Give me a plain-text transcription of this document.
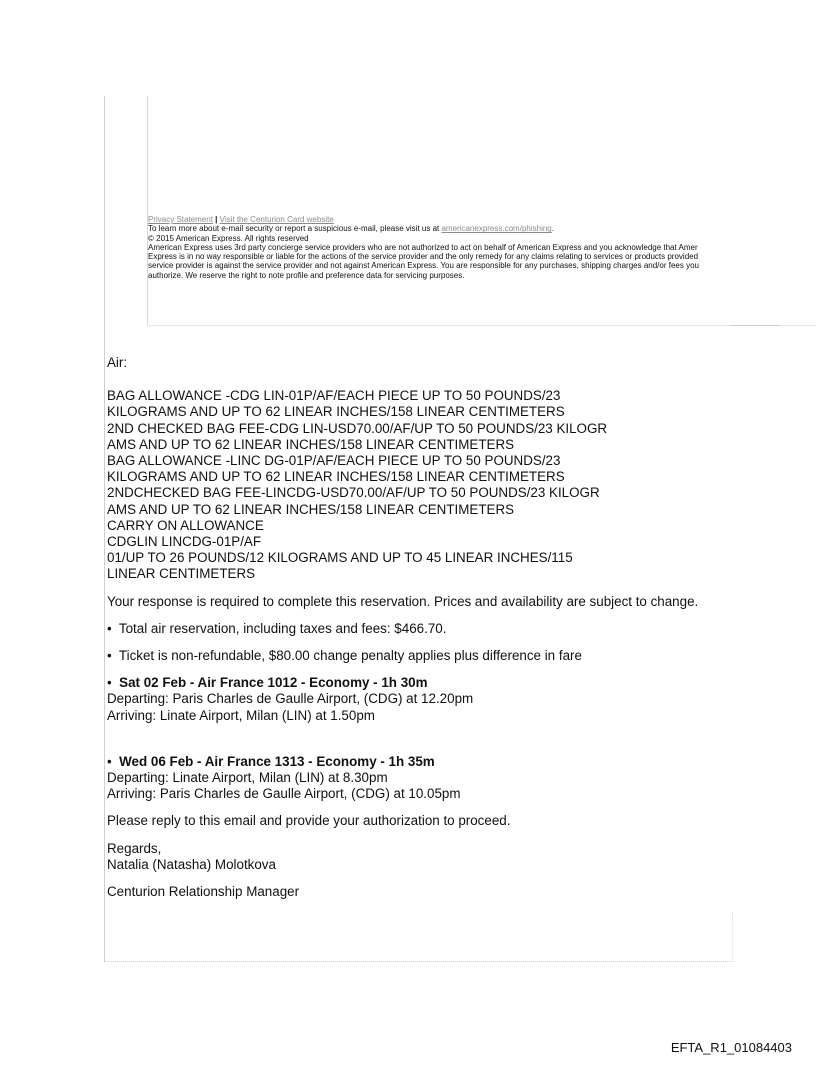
Privacy Statement | Visit the Centurion Card website
To learn more about e-mail security or report a suspicious e-mail, please visit us at americanexpress.com/phishing.
© 2015 American Express. All rights reserved
American Express uses 3rd party concierge service providers who are not authorized to act on behalf of American Express and you acknowledge that Amer
Express is in no way responsible or liable for the actions of the service provider and the only remedy for any claims relating to services or products provided
service provider is against the service provider and not against American Express. You are responsible for any purchases, shipping charges and/or fees you
authorize. We reserve the right to note profile and preference data for servicing purposes.

Air:

BAG ALLOWANCE -CDG LIN-01P/AF/EACH PIECE UP TO 50 POUNDS/23

KILOGRAMS AND UP TO 62 LINEAR INCHES/158 LINEAR CENTIMETERS

2ND CHECKED BAG FEE-CDG LIN-USD70.00/AF/UP TO 50 POUNDS/23 KILOGR

AMS AND UP TO 62 LINEAR INCHES/158 LINEAR CENTIMETERS

BAG ALLOWANCE -LINC DG-01P/AF/EACH PIECE UP TO 50 POUNDS/23

KILOGRAMS AND UP TO 62 LINEAR INCHES/158 LINEAR CENTIMETERS

2NDCHECKED BAG FEE-LINCDG-USD70.00/AF/UP TO 50 POUNDS/23 KILOGR

AMS AND UP TO 62 LINEAR INCHES/158 LINEAR CENTIMETERS

CARRY ON ALLOWANCE

CDGLIN LINCDG-01P/AF

01/UP TO 26 POUNDS/12 KILOGRAMS AND UP TO 45 LINEAR INCHES/115

LINEAR CENTIMETERS

Your response is required to complete this reservation. Prices and availability are subject to change.

• Total air reservation, including taxes and fees: $466.70.

• Ticket is non-refundable, $80.00 change penalty applies plus difference in fare

• Sat 02 Feb - Air France 1012 - Economy - 1h 30m

Departing: Paris Charles de Gaulle Airport, (CDG) at 12.20pm

Arriving: Linate Airport, Milan (LIN) at 1.50pm

• Wed 06 Feb - Air France 1313 - Economy - 1h 35m

Departing: Linate Airport, Milan (LIN) at 8.30pm

Arriving: Paris Charles de Gaulle Airport, (CDG) at 10.05pm

Please reply to this email and provide your authorization to proceed.

Regards,

Natalia (Natasha) Molotkova

Centurion Relationship Manager

EFTA_R1_01084403
